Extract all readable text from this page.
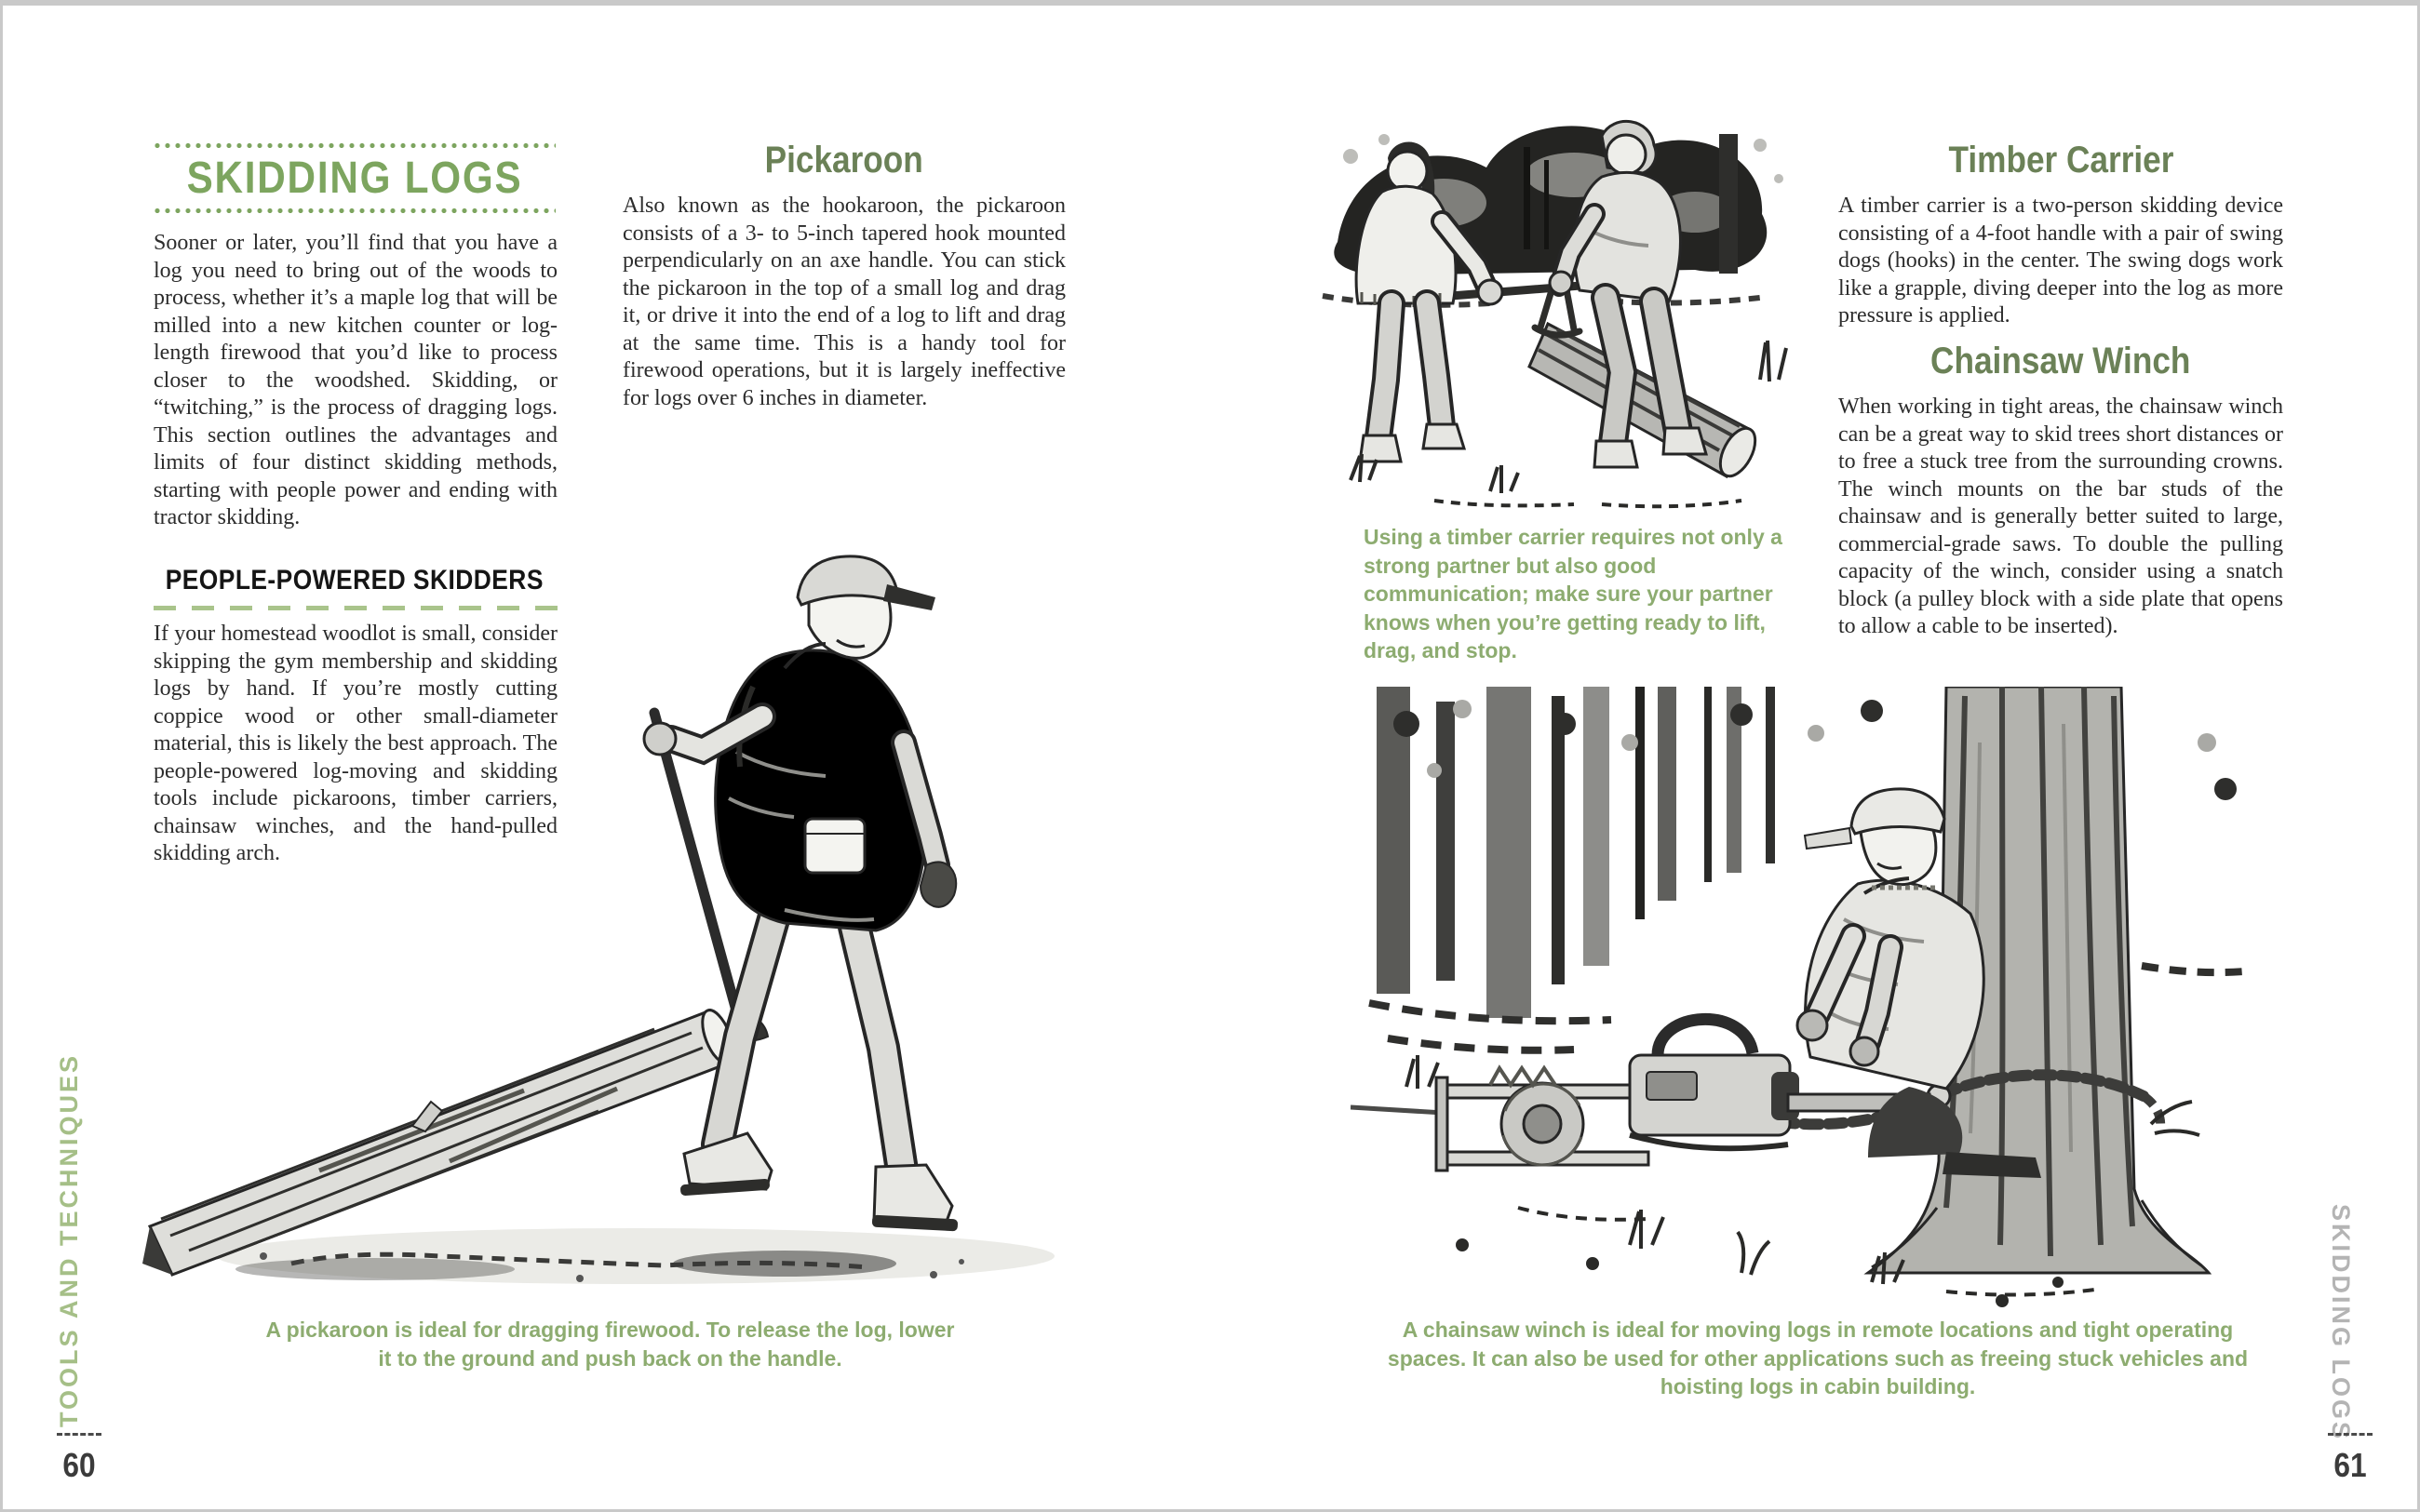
SKIDDING LOGS
Sooner or later, you’ll find that you have a log you need to bring out of the woods to process, whether it’s a maple log that will be milled into a new kitchen counter or log-length firewood that you’d like to process closer to the woodshed. Skidding, or “twitching,” is the process of dragging logs. This section outlines the advantages and limits of four distinct skidding methods, starting with people power and ending with tractor skidding.
PEOPLE-POWERED SKIDDERS
If your homestead woodlot is small, consider skipping the gym membership and skidding logs by hand. If you’re mostly cutting coppice wood or other small-diameter material, this is likely the best approach. The people-powered log-moving and skidding tools include pickaroons, timber carriers, chainsaw winches, and the hand-pulled skidding arch.
Pickaroon
Also known as the hookaroon, the pickaroon consists of a 3- to 5-inch tapered hook mounted perpendicularly on an axe handle. You can stick the pickaroon in the top of a small log and drag it, or drive it into the end of a log to lift and drag at the same time. This is a handy tool for firewood operations, but it is largely ineffective for logs over 6 inches in diameter.
A pickaroon is ideal for dragging firewood. To release the log, lower it to the ground and push back on the handle.
TOOLS AND TECHNIQUES
60
Using a timber carrier requires not only a strong partner but also good communication; make sure your partner knows when you’re getting ready to lift, drag, and stop.
Timber Carrier
A timber carrier is a two-person skidding device consisting of a 4-foot handle with a pair of swing dogs (hooks) in the center. The swing dogs work like a grapple, diving deeper into the log as more pressure is applied.
Chainsaw Winch
When working in tight areas, the chainsaw winch can be a great way to skid trees short distances or to free a stuck tree from the surrounding crowns. The winch mounts on the bar studs of the chainsaw and is generally better suited to large, commercial-grade saws. To double the pulling capacity of the winch, consider using a snatch block (a pulley block with a side plate that opens to allow a cable to be inserted).
A chainsaw winch is ideal for moving logs in remote locations and tight operating spaces. It can also be used for other applications such as freeing stuck vehicles and hoisting logs in cabin building.	SKIDDING LOGS
61
